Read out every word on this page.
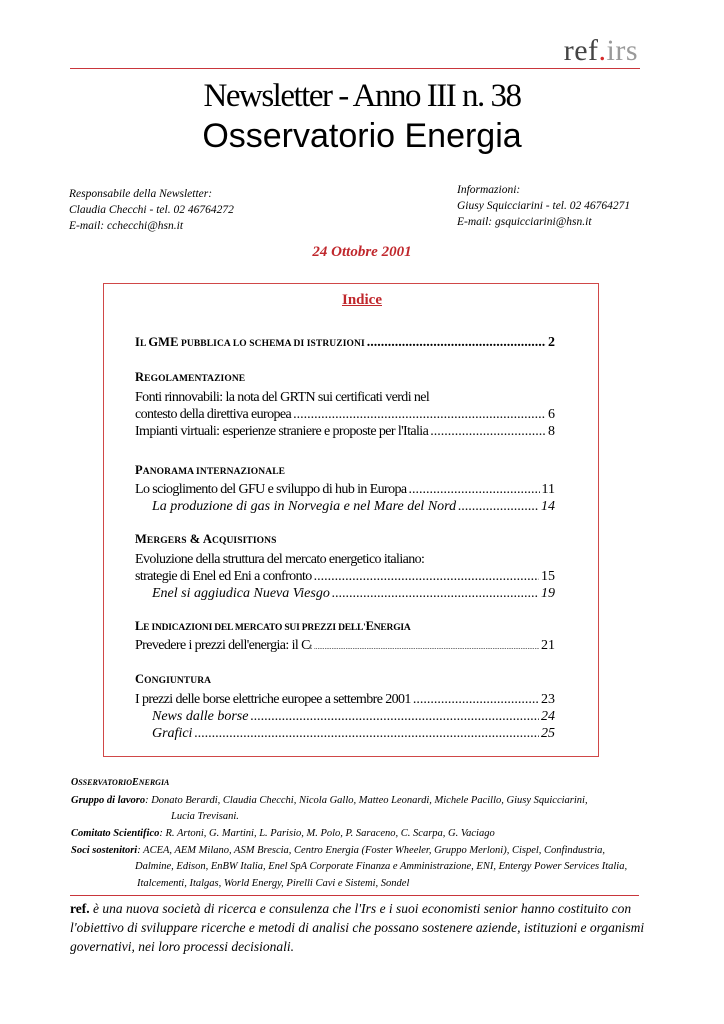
ref.irs
Newsletter - Anno III n. 38
Osservatorio Energia
Responsabile della Newsletter:
Claudia Checchi - tel. 02 46764272
E-mail: cchecchi@hsn.it
Informazioni:
Giusy Squicciarini - tel. 02 46764271
E-mail: gsquicciarini@hsn.it
24 Ottobre 2001
Indice
IL GME PUBBLICA LO SCHEMA DI ISTRUZIONI .....	2
REGOLAMENTAZIONE
Fonti rinnovabili: la nota del GRTN sui certificati verdi nel
contesto della direttiva europea .....	6
Impianti virtuali: esperienze straniere e proposte per l'Italia .....	8
PANORAMA INTERNAZIONALE
Lo scioglimento del GFU e sviluppo di hub in Europa .....	11
La produzione di gas in Norvegia e nel Mare del Nord .....	14
MERGERS & ACQUISITIONS
Evoluzione della struttura del mercato energetico italiano:
strategie di Enel ed Eni a confronto .....	15
Enel si aggiudica Nueva Viesgo .....	19
LE INDICAZIONI DEL MERCATO SUI PREZZI DELL'ENERGIA
Prevedere i prezzi dell'energia: il C t .....	21
CONGIUNTURA
I prezzi delle borse elettriche europee a settembre 2001 .....	23
News dalle borse .....	24
Grafici .....	25
OSSERVATORIOENERGIA
Gruppo di lavoro: Donato Berardi, Claudia Checchi, Nicola Gallo, Matteo Leonardi, Michele Pacillo, Giusy Squicciarini,
Lucia Trevisani.
Comitato Scientifico: R. Artoni, G. Martini, L. Parisio, M. Polo, P. Saraceno, C. Scarpa, G. Vaciago
Soci sostenitori: ACEA, AEM Milano, ASM Brescia, Centro Energia (Foster Wheeler, Gruppo Merloni), Cispel, Confindustria,
Dalmine, Edison, EnBW Italia, Enel SpA Corporate Finanza e Amministrazione, ENI, Entergy Power Services Italia,
Italcementi, Italgas, World Energy, Pirelli Cavi e Sistemi, Sondel
ref. è una nuova società di ricerca e consulenza che l'Irs e i suoi economisti senior hanno costituito con l'obiettivo di sviluppare ricerche e metodi di analisi che possano sostenere aziende, istituzioni e organismi governativi, nei loro processi decisionali.
